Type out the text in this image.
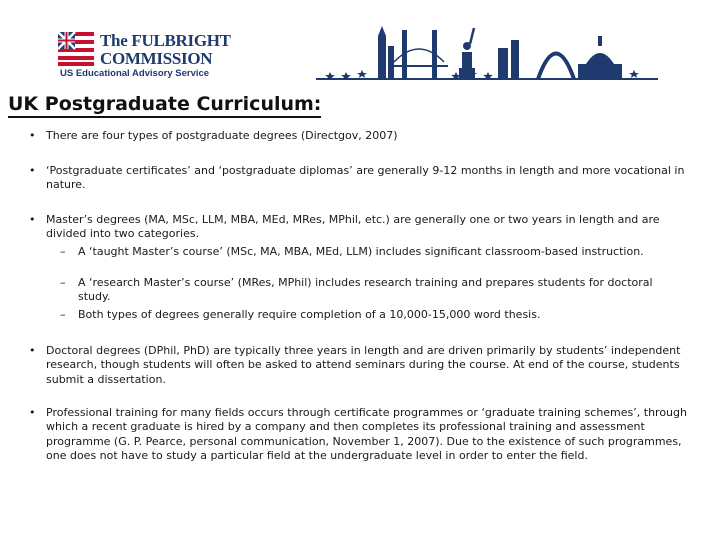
The FULBRIGHT
COMMISSION
US Educational Advisory Service
UK Postgraduate Curriculum:
• There are four types of postgraduate degrees (Directgov, 2007)
• ‘Postgraduate certificates’ and ‘postgraduate diplomas’ are generally 9-12 months in length and more vocational in nature.
• Master’s degrees (MA, MSc, LLM, MBA, MEd, MRes, MPhil, etc.) are generally one or two years in length and are divided into two categories.
– A ‘taught Master’s course’ (MSc, MA, MBA, MEd, LLM) includes significant classroom-based instruction.
– A ‘research Master’s course’ (MRes, MPhil) includes research training and prepares students for doctoral study.
– Both types of degrees generally require completion of a 10,000-15,000 word thesis.
• Doctoral degrees (DPhil, PhD) are typically three years in length and are driven primarily by students’ independent research, though students will often be asked to attend seminars during the course. At end of the course, students submit a dissertation.
• Professional training for many fields occurs through certificate programmes or ‘graduate training schemes’, through which a recent graduate is hired by a company and then completes its professional training and assessment programme (G. P. Pearce, personal communication, November 1, 2007). Due to the existence of such programmes, one does not have to study a particular field at the undergraduate level in order to enter the field.
